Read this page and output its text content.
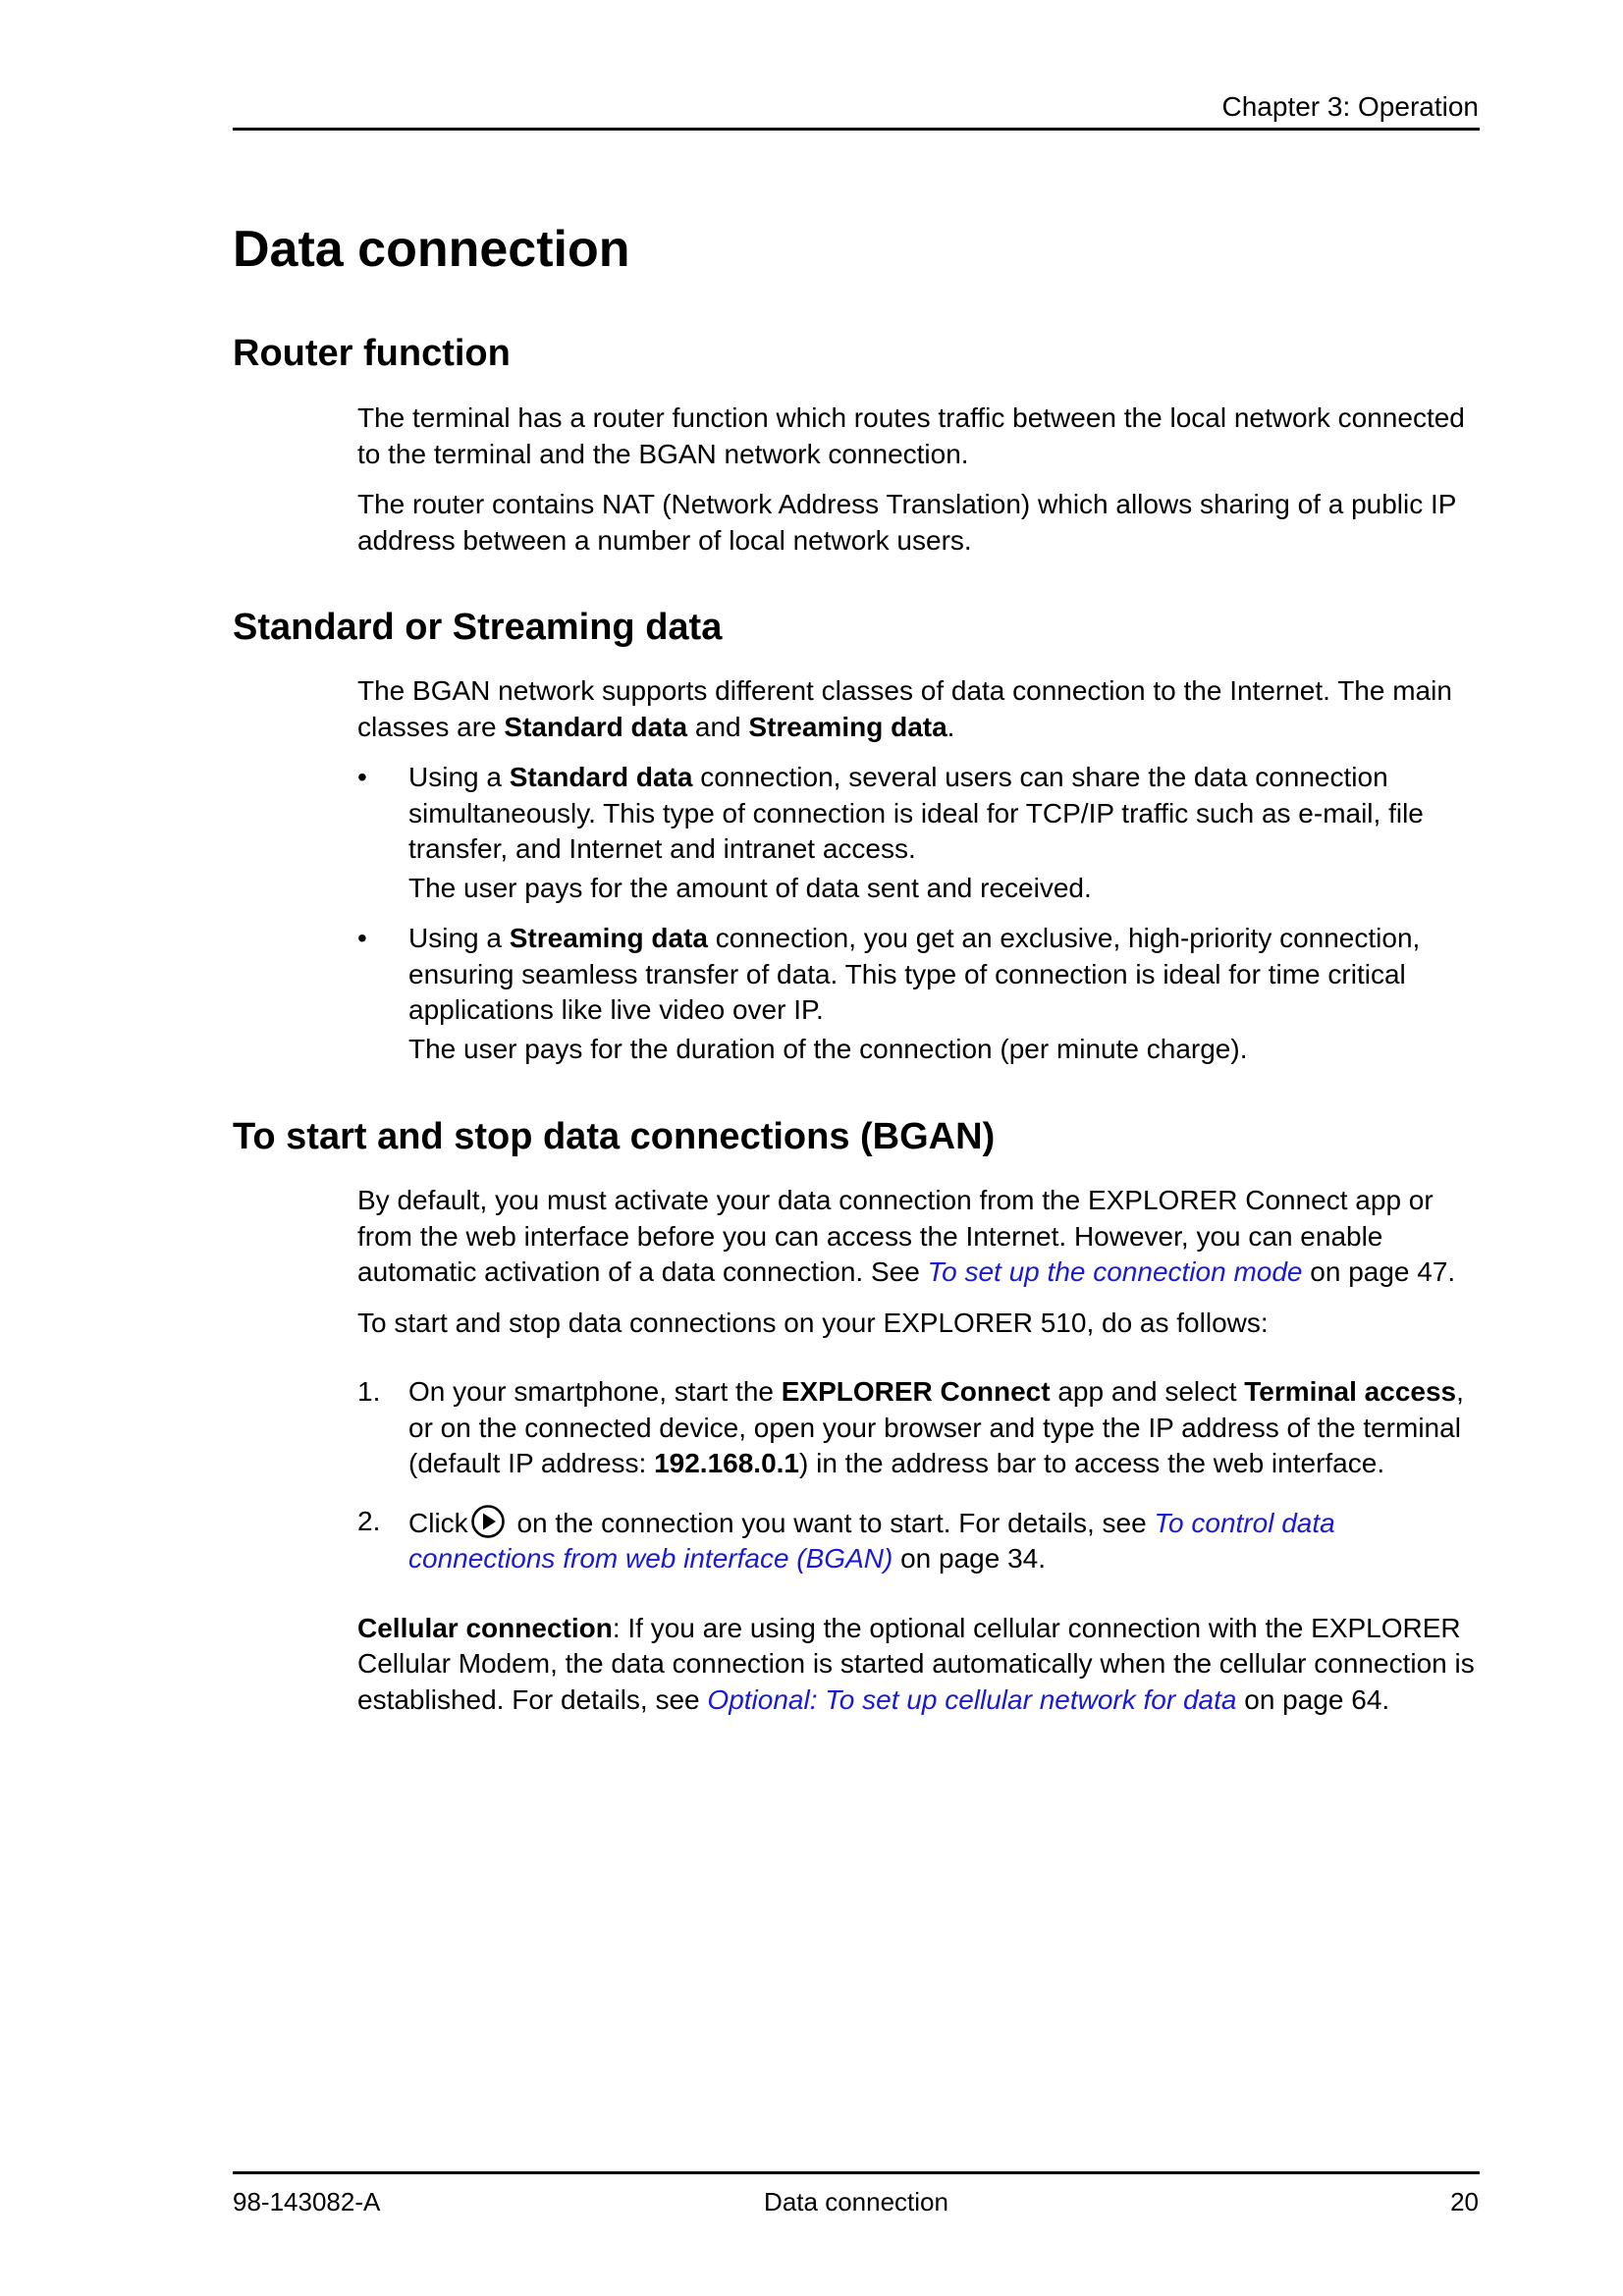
Chapter 3: Operation
Data connection
Router function

The terminal has a router function which routes traffic between the local network connected to the terminal and the BGAN network connection.

The router contains NAT (Network Address Translation) which allows sharing of a public IP address between a number of local network users.

Standard or Streaming data

The BGAN network supports different classes of data connection to the Internet. The main classes are Standard data and Streaming data.

• Using a Standard data connection, several users can share the data connection simultaneously. This type of connection is ideal for TCP/IP traffic such as e-mail, file transfer, and Internet and intranet access.

The user pays for the amount of data sent and received.

• Using a Streaming data connection, you get an exclusive, high-priority connection, ensuring seamless transfer of data. This type of connection is ideal for time critical applications like live video over IP.

The user pays for the duration of the connection (per minute charge).

To start and stop data connections (BGAN)

By default, you must activate your data connection from the EXPLORER Connect app or from the web interface before you can access the Internet. However, you can enable automatic activation of a data connection. See To set up the connection mode on page 47.

To start and stop data connections on your EXPLORER 510, do as follows:

1. On your smartphone, start the EXPLORER Connect app and select Terminal access, or on the connected device, open your browser and type the IP address of the terminal (default IP address: 192.168.0.1) in the address bar to access the web interface.

2. Click on the connection you want to start. For details, see To control data connections from web interface (BGAN) on page 34.

Cellular connection: If you are using the optional cellular connection with the EXPLORER Cellular Modem, the data connection is started automatically when the cellular connection is established. For details, see Optional: To set up cellular network for data on page 64.

98-143082-A	Data connection	20
